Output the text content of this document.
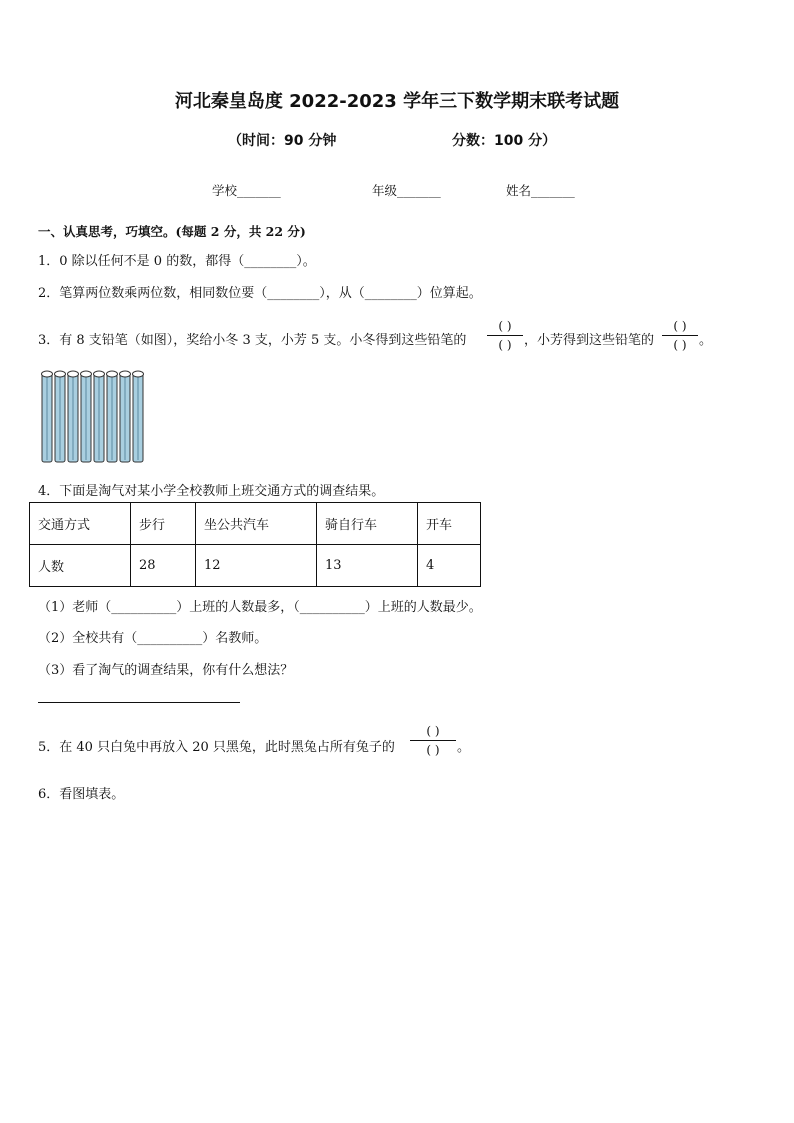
河北秦皇岛度 2022-2023 学年三下数学期末联考试题
（时间：90 分钟	分数：100 分）
学校_______	年级_______	姓名_______
一、认真思考，巧填空。(每题 2 分，共 22 分)
1．0 除以任何不是 0 的数，都得（________）。
2．笔算两位数乘两位数，相同数位要（________），从（________）位算起。
3．有 8 支铅笔（如图），奖给小冬 3 支，小芳 5 支。小冬得到这些铅笔的
( )
( ) ，小芳得到这些铅笔的
( )
( ) 。
4．下面是淘气对某小学全校教师上班交通方式的调查结果。
交通方式	步行	坐公共汽车	骑自行车	开车
人数	28	12	13	4
（1）老师（__________）上班的人数最多，（__________）上班的人数最少。
（2）全校共有（__________）名教师。
（3）看了淘气的调查结果，你有什么想法？
5．在 40 只白兔中再放入 20 只黑兔，此时黑兔占所有兔子的
( )
( )	。
6．看图填表。
